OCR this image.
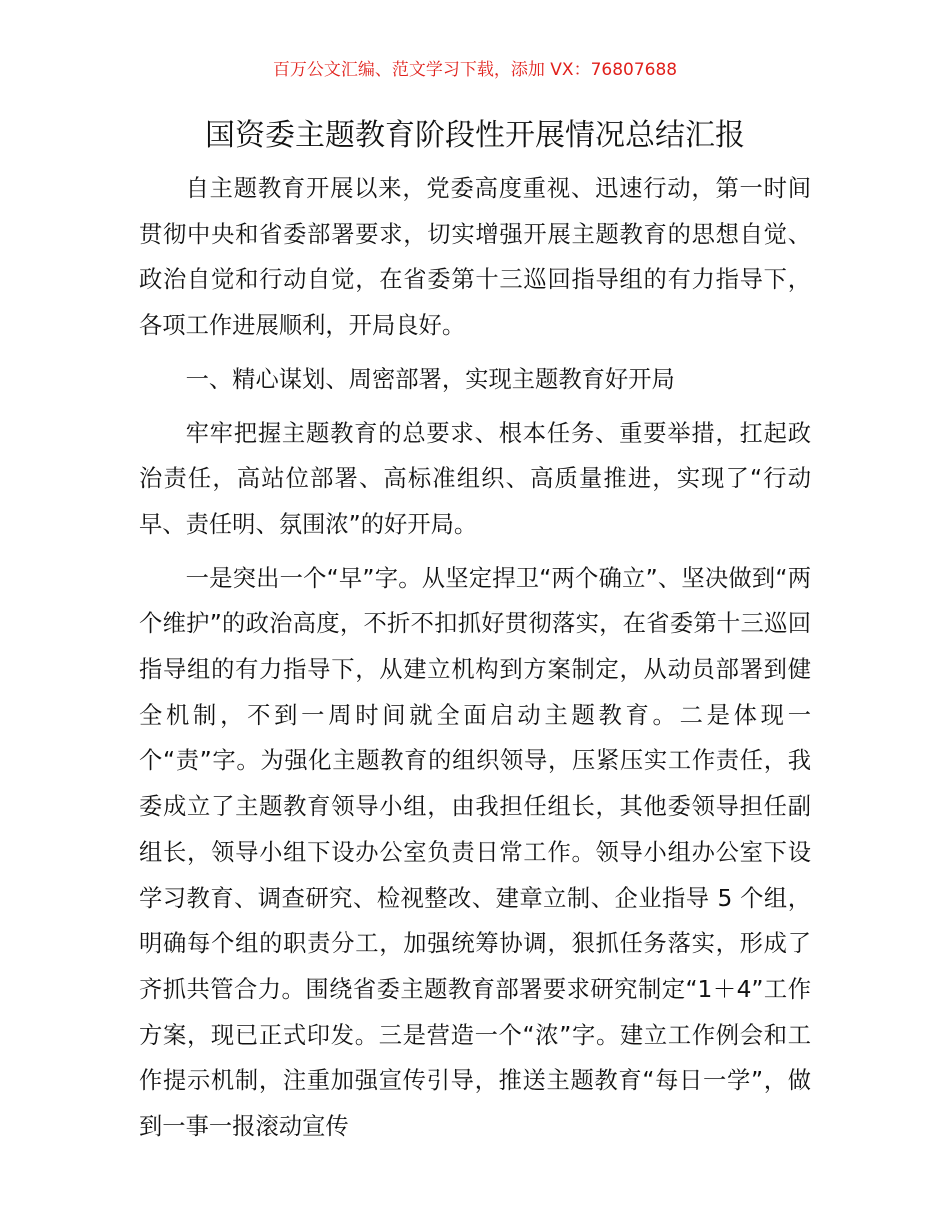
百万公文汇编、范文学习下载，添加 VX：76807688
国资委主题教育阶段性开展情况总结汇报

自主题教育开展以来，党委高度重视、迅速行动，第一时间贯彻中央和省委部署要求，切实增强开展主题教育的思想自觉、政治自觉和行动自觉，在省委第十三巡回指导组的有力指导下，各项工作进展顺利，开局良好。

一、精心谋划、周密部署，实现主题教育好开局

牢牢把握主题教育的总要求、根本任务、重要举措，扛起政治责任，高站位部署、高标准组织、高质量推进，实现了“行动早、责任明、氛围浓”的好开局。

一是突出一个“早”字。从坚定捍卫“两个确立”、坚决做到“两个维护”的政治高度，不折不扣抓好贯彻落实，在省委第十三巡回指导组的有力指导下，从建立机构到方案制定，从动员部署到健全机制，不到一周时间就全面启动主题教育。二是体现一个“责”字。为强化主题教育的组织领导，压紧压实工作责任，我委成立了主题教育领导小组，由我担任组长，其他委领导担任副组长，领导小组下设办公室负责日常工作。领导小组办公室下设学习教育、调查研究、检视整改、建章立制、企业指导 5 个组，明确每个组的职责分工，加强统筹协调，狠抓任务落实，形成了齐抓共管合力。围绕省委主题教育部署要求研究制定“1＋4”工作方案，现已正式印发。三是营造一个“浓”字。建立工作例会和工作提示机制，注重加强宣传引导，推送主题教育“每日一学”，做到一事一报滚动宣传
